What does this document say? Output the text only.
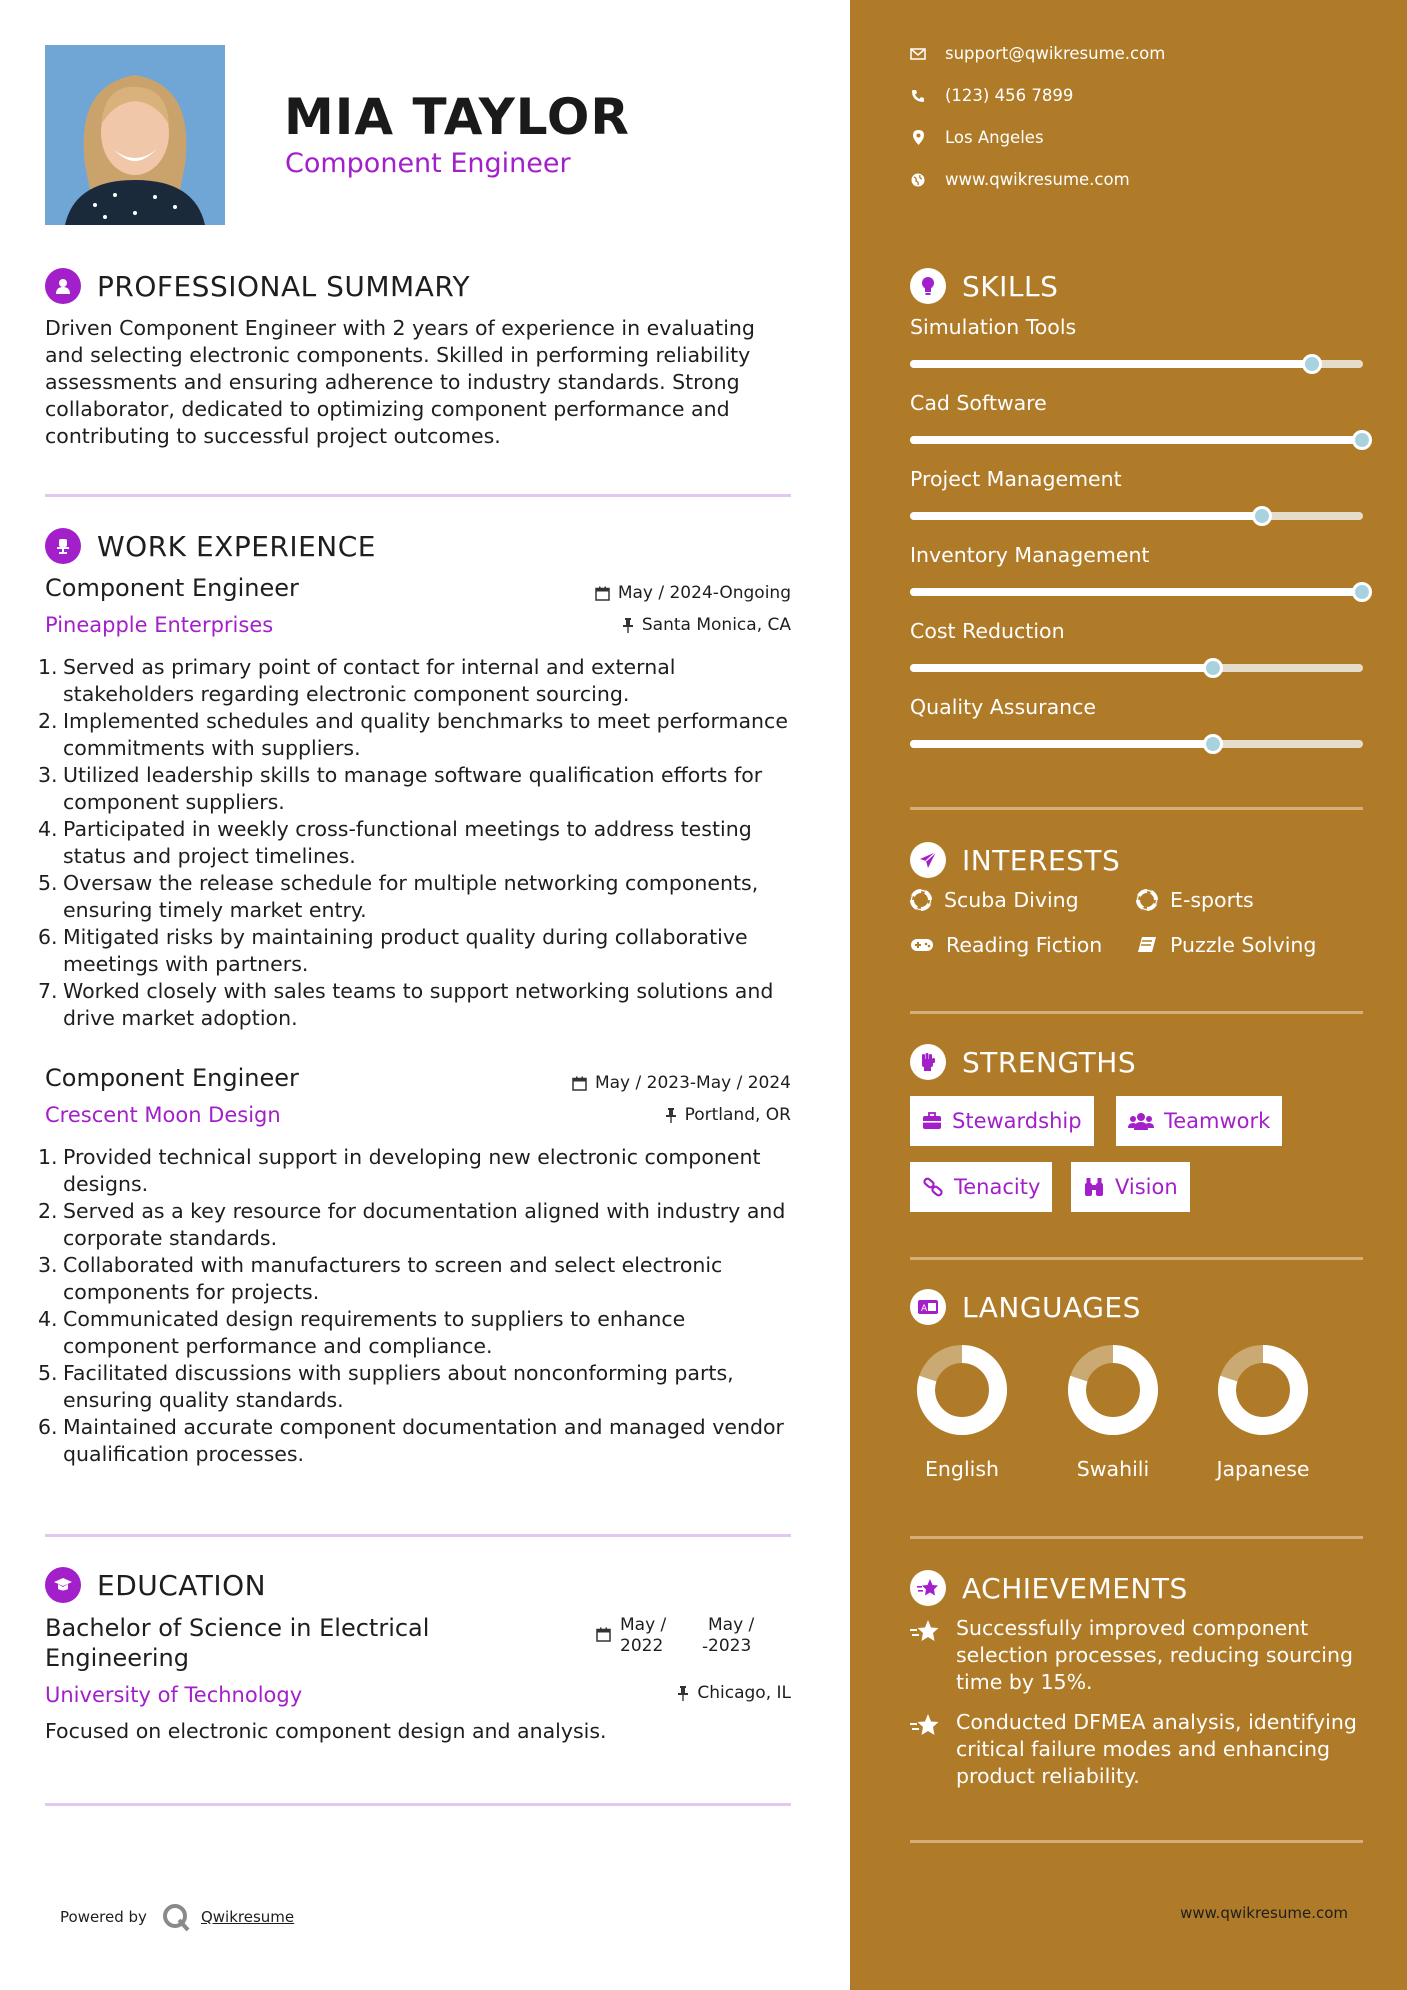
MIA TAYLOR
Component Engineer
PROFESSIONAL SUMMARY
Driven Component Engineer with 2 years of experience in evaluating and selecting electronic components. Skilled in performing reliability assessments and ensuring adherence to industry standards. Strong collaborator, dedicated to optimizing component performance and contributing to successful project outcomes.
WORK EXPERIENCE
Component Engineer
Pineapple Enterprises
May / 2024-Ongoing
Santa Monica, CA
1. Served as primary point of contact for internal and external stakeholders regarding electronic component sourcing.
2. Implemented schedules and quality benchmarks to meet performance commitments with suppliers.
3. Utilized leadership skills to manage software qualification efforts for component suppliers.
4. Participated in weekly cross-functional meetings to address testing status and project timelines.
5. Oversaw the release schedule for multiple networking components, ensuring timely market entry.
6. Mitigated risks by maintaining product quality during collaborative meetings with partners.
7. Worked closely with sales teams to support networking solutions and drive market adoption.
Component Engineer
Crescent Moon Design
May / 2023-May / 2024
Portland, OR
1. Provided technical support in developing new electronic component designs.
2. Served as a key resource for documentation aligned with industry and corporate standards.
3. Collaborated with manufacturers to screen and select electronic components for projects.
4. Communicated design requirements to suppliers to enhance component performance and compliance.
5. Facilitated discussions with suppliers about nonconforming parts, ensuring quality standards.
6. Maintained accurate component documentation and managed vendor qualification processes.
EDUCATION
Bachelor of Science in Electrical Engineering
University of Technology
May / 2022	-
May / 2023
Chicago, IL
Focused on electronic component design and analysis.
Powered by	Qwikresume	www.qwikresume.com
support@qwikresume.com
(123) 456 7899
Los Angeles
www.qwikresume.com
SKILLS
Simulation Tools
Cad Software
Project Management
Inventory Management
Cost Reduction
Quality Assurance
INTERESTS
Scuba Diving	E-sports
Reading Fiction	Puzzle Solving
STRENGTHS
Stewardship	Teamwork
Tenacity	Vision
A LANGUAGES
English	Swahili	Japanese
ACHIEVEMENTS
Successfully improved component selection processes, reducing sourcing time by 15%.
Conducted DFMEA analysis, identifying critical failure modes and enhancing product reliability.
